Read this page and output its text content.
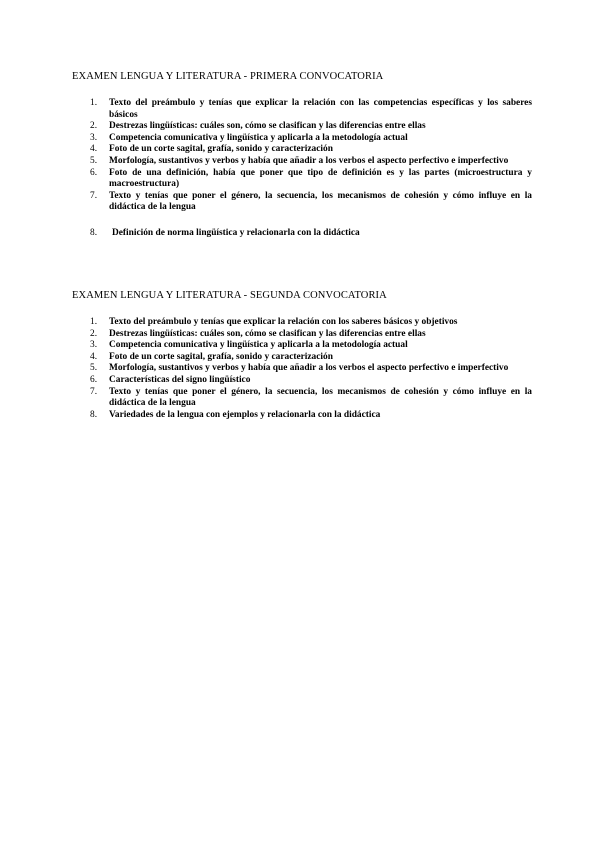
EXAMEN LENGUA Y LITERATURA - PRIMERA CONVOCATORIA
1. Texto del preámbulo y tenías que explicar la relación con las competencias específicas y los saberes básicos
2. Destrezas lingüísticas: cuáles son, cómo se clasifican y las diferencias entre ellas
3. Competencia comunicativa y lingüística y aplicarla a la metodología actual
4. Foto de un corte sagital, grafía, sonido y caracterización
5. Morfología, sustantivos y verbos y había que añadir a los verbos el aspecto perfectivo e imperfectivo
6. Foto de una definición, había que poner que tipo de definición es y las partes (microestructura y macroestructura)
7. Texto y tenías que poner el género, la secuencia, los mecanismos de cohesión y cómo influye en la didáctica de la lengua
8. Definición de norma lingüística y relacionarla con la didáctica
EXAMEN LENGUA Y LITERATURA - SEGUNDA CONVOCATORIA
1. Texto del preámbulo y tenías que explicar la relación con los saberes básicos y objetivos
2. Destrezas lingüísticas: cuáles son, cómo se clasifican y las diferencias entre ellas
3. Competencia comunicativa y lingüística y aplicarla a la metodología actual
4. Foto de un corte sagital, grafía, sonido y caracterización
5. Morfología, sustantivos y verbos y había que añadir a los verbos el aspecto perfectivo e imperfectivo
6. Características del signo lingüístico
7. Texto y tenías que poner el género, la secuencia, los mecanismos de cohesión y cómo influye en la didáctica de la lengua
8. Variedades de la lengua con ejemplos y relacionarla con la didáctica
